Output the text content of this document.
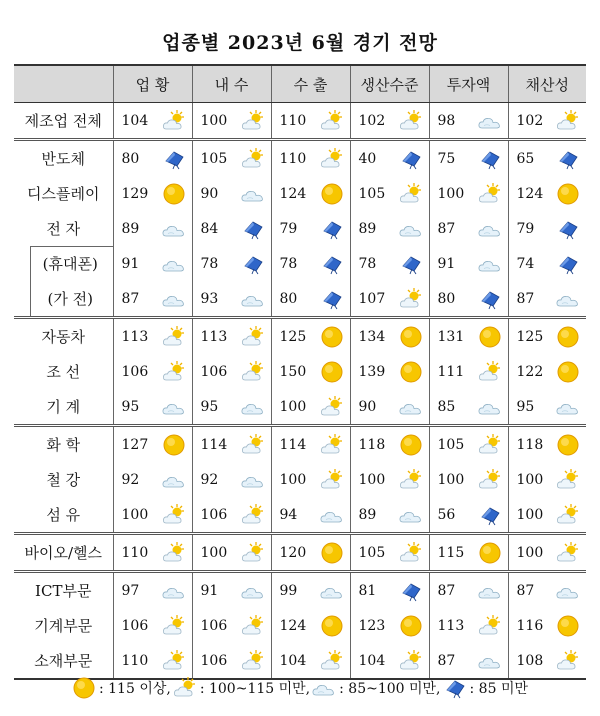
업종별 2023년 6월 경기 전망
	업 황	내 수	수 출	생산수준	투자액	채산성
제조업 전체	104	100	110	102	98	102

반도체	80	105	110	40	75	65

디스플레이	129	90	124	105	100	124

전 자	89	84	79	89	87	79

(휴대폰)	91	78	78	78	91	74

(가 전)	87	93	80	107	80	87

자동차	113	113	125	134	131	125

조 선	106	106	150	139	111	122

기 계	95	95	100	90	85	95

화 학	127	114	114	118	105	118

철 강	92	92	100	100	100	100

섬 유	100	106	94	89	56	100

바이오/헬스	110	100	120	105	115	100

ICT부문	97	91	99	81	87	87

기계부문	106	106	124	123	113	116

소재부문	110	106	104	104	87	108
: 115 이상, : 100~115 미만, : 85~100 미만, : 85 미만
